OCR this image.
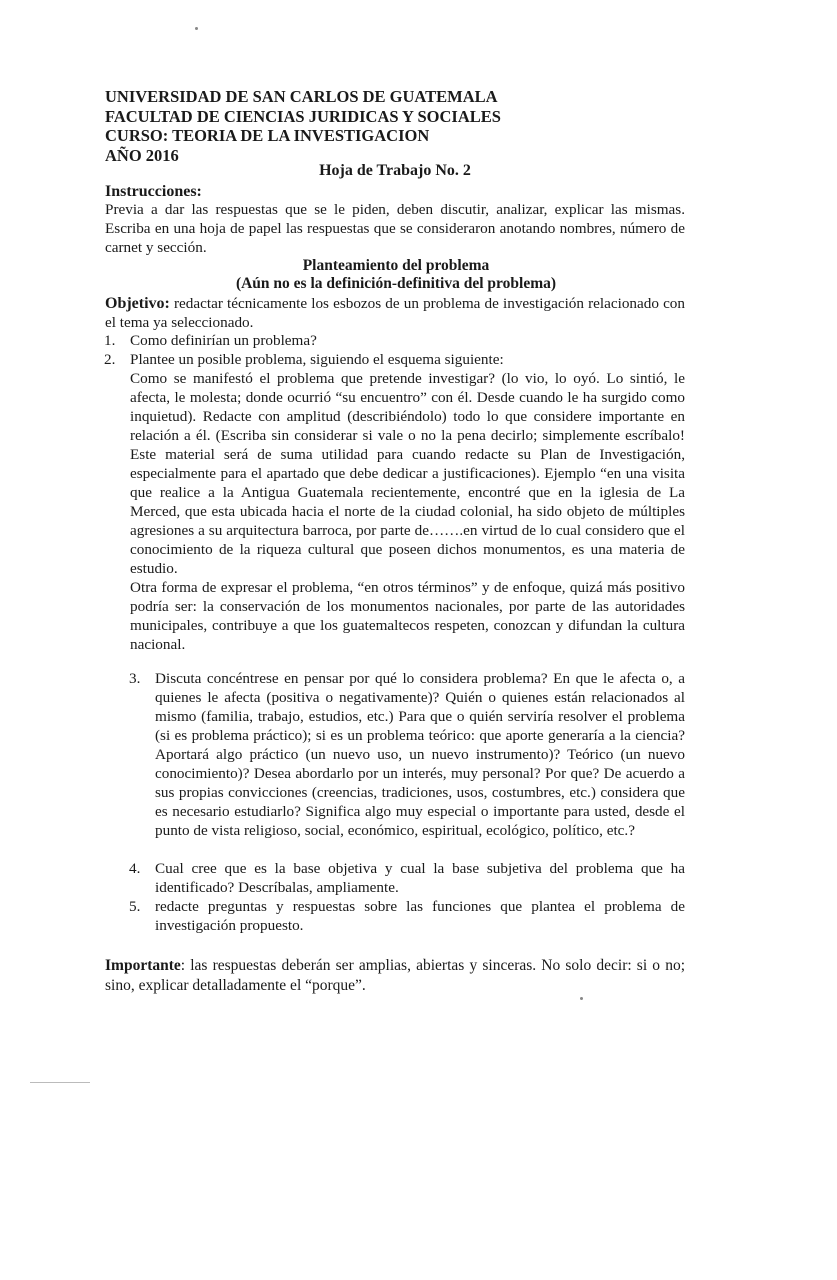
UNIVERSIDAD DE SAN CARLOS DE GUATEMALA
FACULTAD DE CIENCIAS JURIDICAS Y SOCIALES
CURSO: TEORIA DE LA INVESTIGACION
AÑO 2016
Hoja de Trabajo No. 2
Instrucciones:
Previa a dar las respuestas que se le piden, deben discutir, analizar, explicar las mismas. Escriba en una hoja de papel las respuestas que se consideraron anotando nombres, número de carnet y sección.
Planteamiento del problema
(Aún no es la definición-definitiva del problema)
Objetivo: redactar técnicamente los esbozos de un problema de investigación relacionado con el tema ya seleccionado.
1. Como definirían un problema?
2. Plantee un posible problema, siguiendo el esquema siguiente:
Como se manifestó el problema que pretende investigar? (lo vio, lo oyó. Lo sintió, le afecta, le molesta; donde ocurrió “su encuentro” con él. Desde cuando le ha surgido como inquietud). Redacte con amplitud (describiéndolo) todo lo que considere importante en relación a él. (Escriba sin considerar si vale o no la pena decirlo; simplemente escríbalo! Este material será de suma utilidad para cuando redacte su Plan de Investigación, especialmente para el apartado que debe dedicar a justificaciones). Ejemplo “en una visita que realice a la Antigua Guatemala recientemente, encontré que en la iglesia de La Merced, que esta ubicada hacia el norte de la ciudad colonial, ha sido objeto de múltiples agresiones a su arquitectura barroca, por parte de…….en virtud de lo cual considero que el conocimiento de la riqueza cultural que poseen dichos monumentos, es una materia de estudio.
Otra forma de expresar el problema, “en otros términos” y de enfoque, quizá más positivo podría ser: la conservación de los monumentos nacionales, por parte de las autoridades municipales, contribuye a que los guatemaltecos respeten, conozcan y difundan la cultura nacional.
3. Discuta concéntrese en pensar por qué lo considera problema? En que le afecta o, a quienes le afecta (positiva o negativamente)? Quién o quienes están relacionados al mismo (familia, trabajo, estudios, etc.) Para que o quién serviría resolver el problema (si es problema práctico); si es un problema teórico: que aporte generaría a la ciencia? Aportará algo práctico (un nuevo uso, un nuevo instrumento)? Teórico (un nuevo conocimiento)? Desea abordarlo por un interés, muy personal? Por que? De acuerdo a sus propias convicciones (creencias, tradiciones, usos, costumbres, etc.) considera que es necesario estudiarlo? Significa algo muy especial o importante para usted, desde el punto de vista religioso, social, económico, espiritual, ecológico, político, etc.?
4. Cual cree que es la base objetiva y cual la base subjetiva del problema que ha identificado? Descríbalas, ampliamente.
5. redacte preguntas y respuestas sobre las funciones que plantea el problema de investigación propuesto.
Importante: las respuestas deberán ser amplias, abiertas y sinceras. No solo decir: si o no; sino, explicar detalladamente el “porque”.
